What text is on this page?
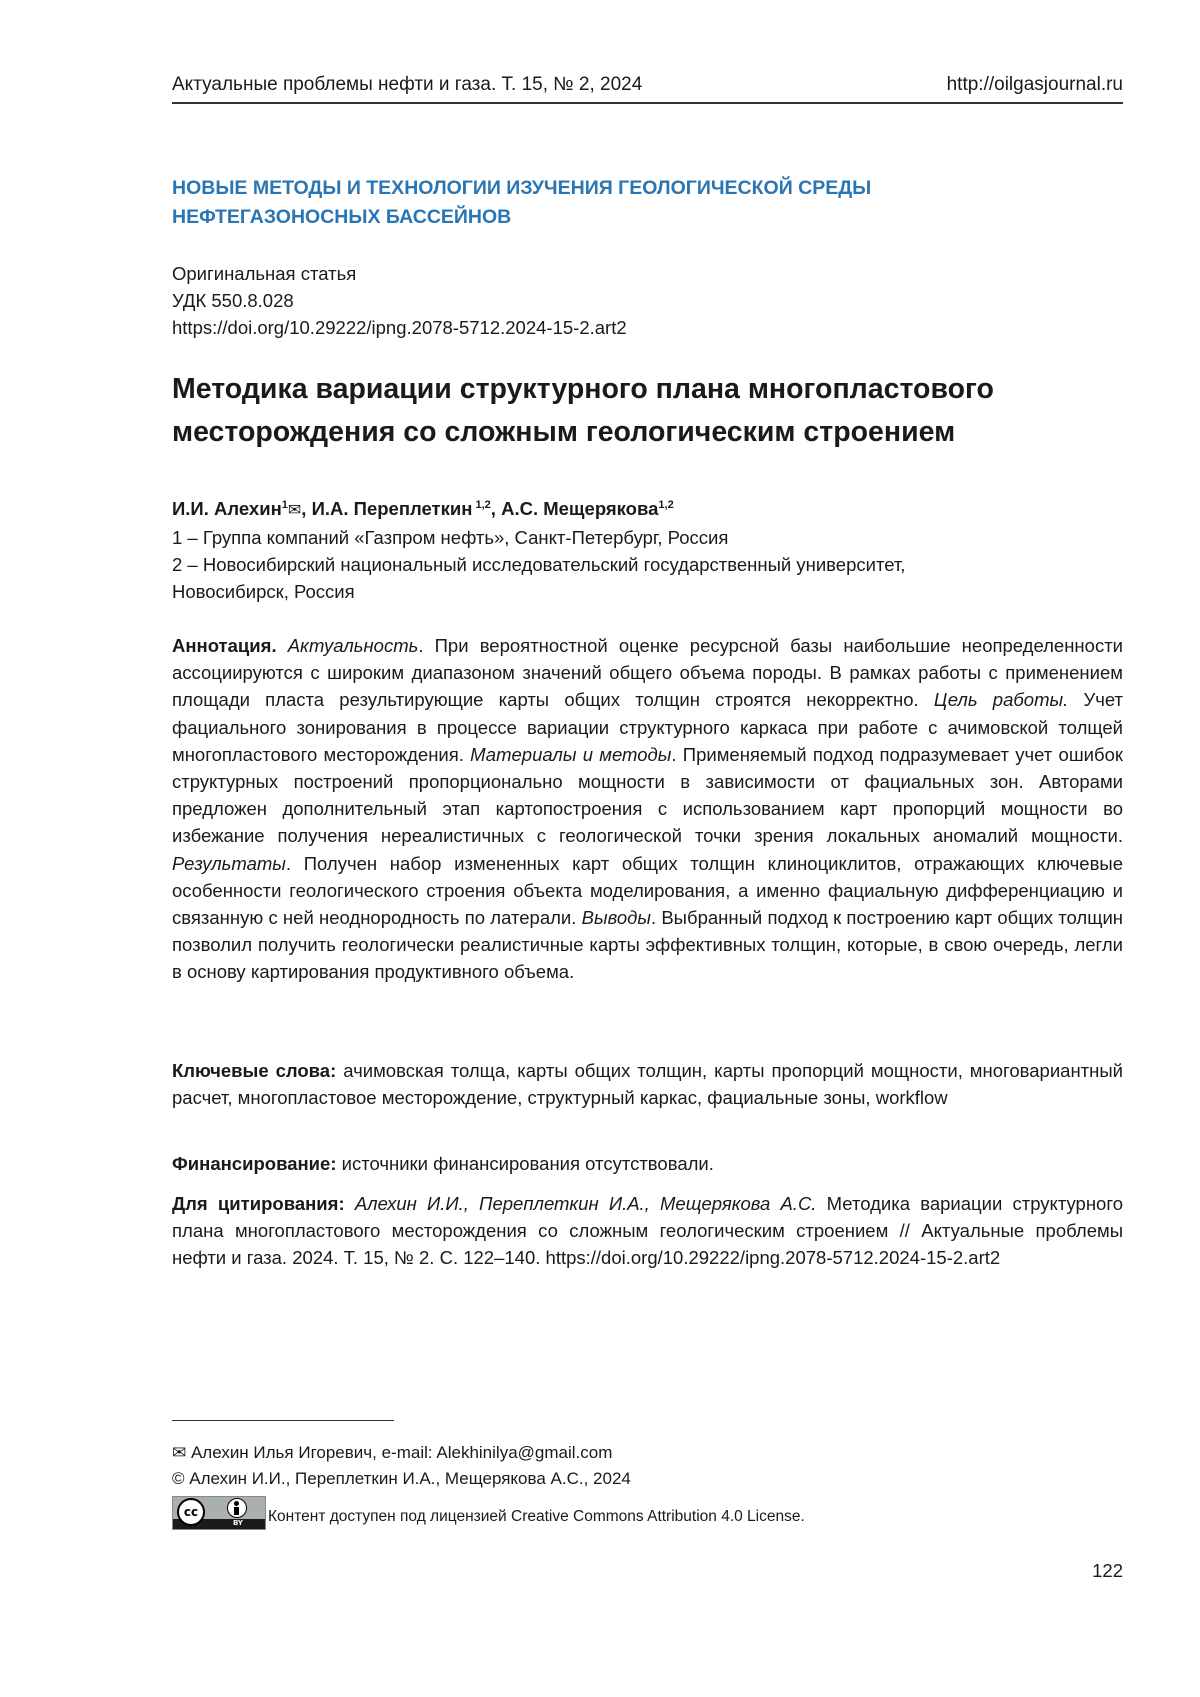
Актуальные проблемы нефти и газа. Т. 15, № 2, 2024	http://oilgasjournal.ru
НОВЫЕ МЕТОДЫ И ТЕХНОЛОГИИ ИЗУЧЕНИЯ ГЕОЛОГИЧЕСКОЙ СРЕДЫ
НЕФТЕГАЗОНОСНЫХ БАССЕЙНОВ
Оригинальная статья
УДК 550.8.028
https://doi.org/10.29222/ipng.2078-5712.2024-15-2.art2
Методика вариации структурного плана многопластового
месторождения со сложным геологическим строением
И.И. Алехин$^1$✉, И.А. Переплеткин $^{1,2}$, А.С. Мещерякова$^{1,2}$
1 – Группа компаний «Газпром нефть», Санкт-Петербург, Россия
2 – Новосибирский национальный исследовательский государственный университет,
Новосибирск, Россия
Аннотация. Актуальность. При вероятностной оценке ресурсной базы наибольшие неопределенности ассоциируются с широким диапазоном значений общего объема породы. В рамках работы с применением площади пласта результирующие карты общих толщин строятся некорректно. Цель работы. Учет фациального зонирования в процессе вариации структурного каркаса при работе с ачимовской толщей многопластового месторождения. Материалы и методы. Применяемый подход подразумевает учет ошибок структурных построений пропорционально мощности в зависимости от фациальных зон. Авторами предложен дополнительный этап картопостроения с использованием карт пропорций мощности во избежание получения нереалистичных с геологической точки зрения локальных аномалий мощности. Результаты. Получен набор измененных карт общих толщин клиноциклитов, отражающих ключевые особенности геологического строения объекта моделирования, а именно фациальную дифференциацию и связанную с ней неоднородность по латерали. Выводы. Выбранный подход к построению карт общих толщин позволил получить геологически реалистичные карты эффективных толщин, которые, в свою очередь, легли в основу картирования продуктивного объема.
Ключевые слова: ачимовская толща, карты общих толщин, карты пропорций мощности, многовариантный расчет, многопластовое месторождение, структурный каркас, фациальные зоны, workflow
Финансирование: источники финансирования отсутствовали.
Для цитирования: Алехин И.И., Переплеткин И.А., Мещерякова А.С. Методика вариации структурного плана многопластового месторождения со сложным геологическим строением // Актуальные проблемы нефти и газа. 2024. Т. 15, № 2. С. 122–140. https://doi.org/10.29222/ipng.2078-5712.2024-15-2.art2
✉ Алехин Илья Игоревич, e-mail: Alekhinilya@gmail.com
© Алехин И.И., Переплеткин И.А., Мещерякова А.С., 2024
cc
BY	Контент доступен под лицензией Creative Commons Attribution 4.0 License.
122
